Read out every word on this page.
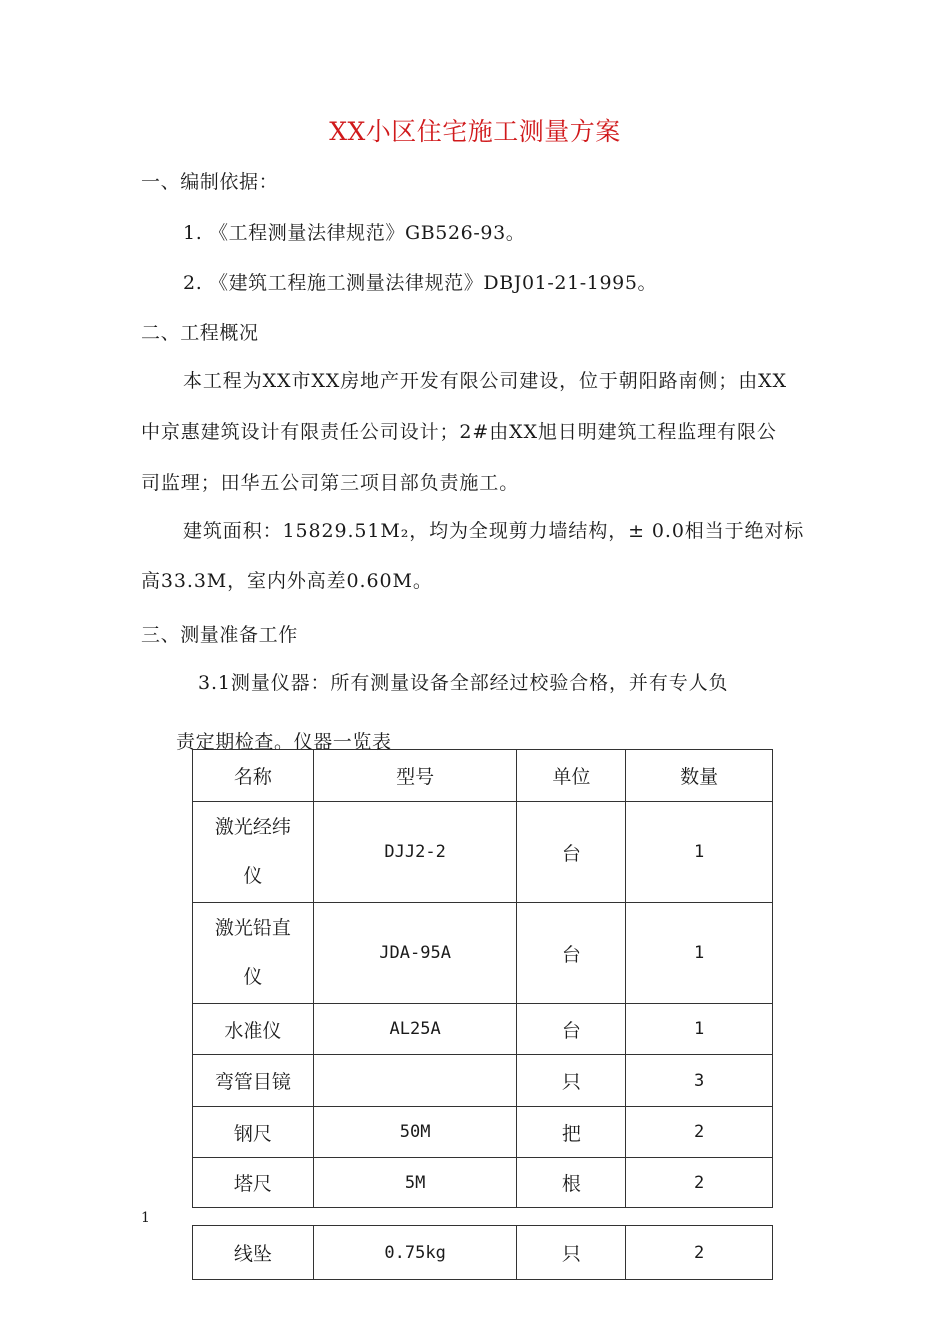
XX小区住宅施工测量方案
一、编制依据：
1. 《工程测量法律规范》GB526-93。
2. 《建筑工程施工测量法律规范》DBJ01-21-1995。
二、工程概况
本工程为XX市XX房地产开发有限公司建设，位于朝阳路南侧；由XX
中京惠建筑设计有限责任公司设计；2#由XX旭日明建筑工程监理有限公
司监理；田华五公司第三项目部负责施工。
建筑面积：15829.51M₂，均为全现剪力墙结构，± 0.0相当于绝对标
高33.3M，室内外高差0.60M。
三、测量准备工作
3.1测量仪器：所有测量设备全部经过校验合格，并有专人负
责定期检查。仪器一览表
名称	型号	单位	数量
激光经纬
仪	DJJ2-2	台	1
激光铅直
仪	JDA-95A	台	1
水准仪	AL25A	台	1
弯管目镜		只	3
钢尺	50M	把	2
塔尺	5M	根	2
1
线坠	0.75kg	只	2
